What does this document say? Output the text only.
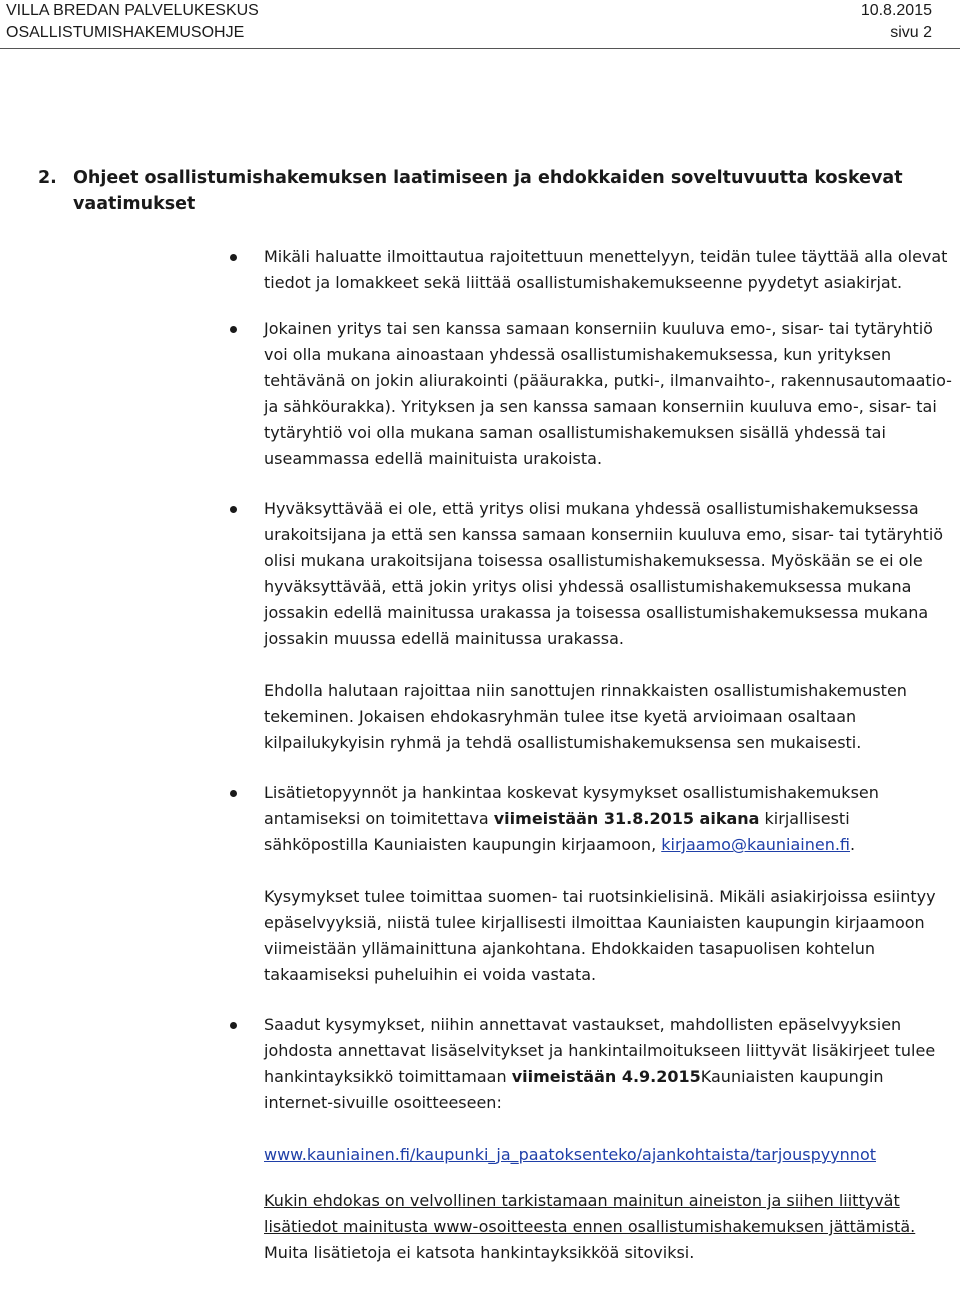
VILLA BREDAN PALVELUKESKUS	10.8.2015
OSALLISTUMISHAKEMUSOHJE	sivu 2
2. Ohjeet osallistumishakemuksen laatimiseen ja ehdokkaiden soveltuvuutta koskevat vaatimukset

Mikäli haluatte ilmoittautua rajoitettuun menettelyyn, teidän tulee täyttää alla olevat tiedot ja lomakkeet sekä liittää osallistumishakemukseenne pyydetyt asiakirjat.

Jokainen yritys tai sen kanssa samaan konserniin kuuluva emo-, sisar- tai tytäryhtiö voi olla mukana ainoastaan yhdessä osallistumishakemuksessa, kun yrityksen tehtävänä on jokin aliurakointi (pääurakka, putki-, ilmanvaihto-, rakennusautomaatio- ja sähköurakka). Yrityksen ja sen kanssa samaan konserniin kuuluva emo-, sisar- tai tytäryhtiö voi olla mukana saman osallistumishakemuksen sisällä yhdessä tai useammassa edellä mainituista urakoista.

Hyväksyttävää ei ole, että yritys olisi mukana yhdessä osallistumishakemuksessa urakoitsijana ja että sen kanssa samaan konserniin kuuluva emo, sisar- tai tytäryhtiö olisi mukana urakoitsijana toisessa osallistumishakemuksessa. Myöskään se ei ole hyväksyttävää, että jokin yritys olisi yhdessä osallistumishakemuksessa mukana jossakin edellä mainitussa urakassa ja toisessa osallistumishakemuksessa mukana jossakin muussa edellä mainitussa urakassa.

Ehdolla halutaan rajoittaa niin sanottujen rinnakkaisten osallistumishakemusten tekeminen. Jokaisen ehdokasryhmän tulee itse kyetä arvioimaan osaltaan kilpailukykyisin ryhmä ja tehdä osallistumishakemuksensa sen mukaisesti.

Lisätietopyynnöt ja hankintaa koskevat kysymykset osallistumishakemuksen antamiseksi on toimitettava viimeistään 31.8.2015 aikana kirjallisesti sähköpostilla Kauniaisten kaupungin kirjaamoon, kirjaamo@kauniainen.fi.

Kysymykset tulee toimittaa suomen- tai ruotsinkielisinä. Mikäli asiakirjoissa esiintyy epäselvyyksiä, niistä tulee kirjallisesti ilmoittaa Kauniaisten kaupungin kirjaamoon viimeistään yllämainittuna ajankohtana. Ehdokkaiden tasapuolisen kohtelun takaamiseksi puheluihin ei voida vastata.

Saadut kysymykset, niihin annettavat vastaukset, mahdollisten epäselvyyksien johdosta annettavat lisäselvitykset ja hankintailmoitukseen liittyvät lisäkirjeet tulee hankintayksikkö toimittamaan viimeistään 4.9.2015Kauniaisten kaupungin internet-sivuille osoitteeseen:

www.kauniainen.fi/kaupunki_ja_paatoksenteko/ajankohtaista/tarjouspyynnot

Kukin ehdokas on velvollinen tarkistamaan mainitun aineiston ja siihen liittyvät lisätiedot mainitusta www-osoitteesta ennen osallistumishakemuksen jättämistä. Muita lisätietoja ei katsota hankintayksikköä sitoviksi.
